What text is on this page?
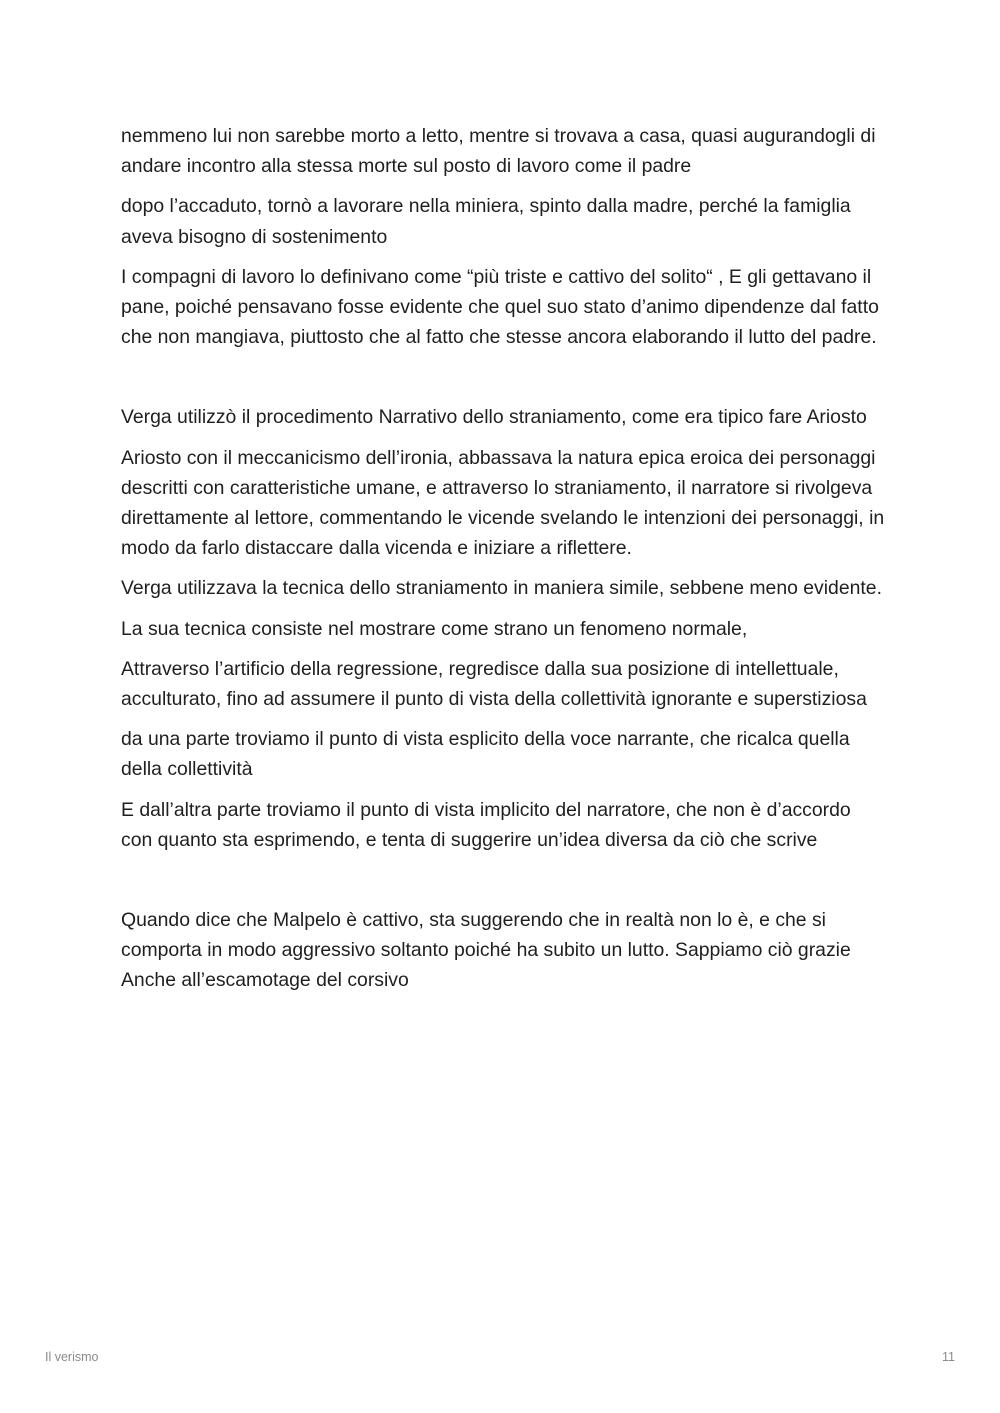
nemmeno lui non sarebbe morto a letto, mentre si trovava a casa, quasi augurandogli di andare incontro alla stessa morte sul posto di lavoro come il padre

dopo l’accaduto, tornò a lavorare nella miniera, spinto dalla madre, perché la famiglia aveva bisogno di sostenimento

I compagni di lavoro lo definivano come “più triste e cattivo del solito“ , E gli gettavano il pane, poiché pensavano fosse evidente che quel suo stato d’animo dipendenze dal fatto che non mangiava, piuttosto che al fatto che stesse ancora elaborando il lutto del padre.

Verga utilizzò il procedimento Narrativo dello straniamento, come era tipico fare Ariosto

Ariosto con il meccanicismo dell’ironia, abbassava la natura epica eroica dei personaggi descritti con caratteristiche umane, e attraverso lo straniamento, il narratore si rivolgeva direttamente al lettore, commentando le vicende svelando le intenzioni dei personaggi, in modo da farlo distaccare dalla vicenda e iniziare a riflettere.

Verga utilizzava la tecnica dello straniamento in maniera simile, sebbene meno evidente.

La sua tecnica consiste nel mostrare come strano un fenomeno normale,

Attraverso l’artificio della regressione, regredisce dalla sua posizione di intellettuale, acculturato, fino ad assumere il punto di vista della collettività ignorante e superstiziosa

da una parte troviamo il punto di vista esplicito della voce narrante, che ricalca quella della collettività

E dall’altra parte troviamo il punto di vista implicito del narratore, che non è d’accordo con quanto sta esprimendo, e tenta di suggerire un’idea diversa da ciò che scrive

Quando dice che Malpelo è cattivo, sta suggerendo che in realtà non lo è, e che si comporta in modo aggressivo soltanto poiché ha subito un lutto. Sappiamo ciò grazie Anche all’escamotage del corsivo

Il verismo	11
